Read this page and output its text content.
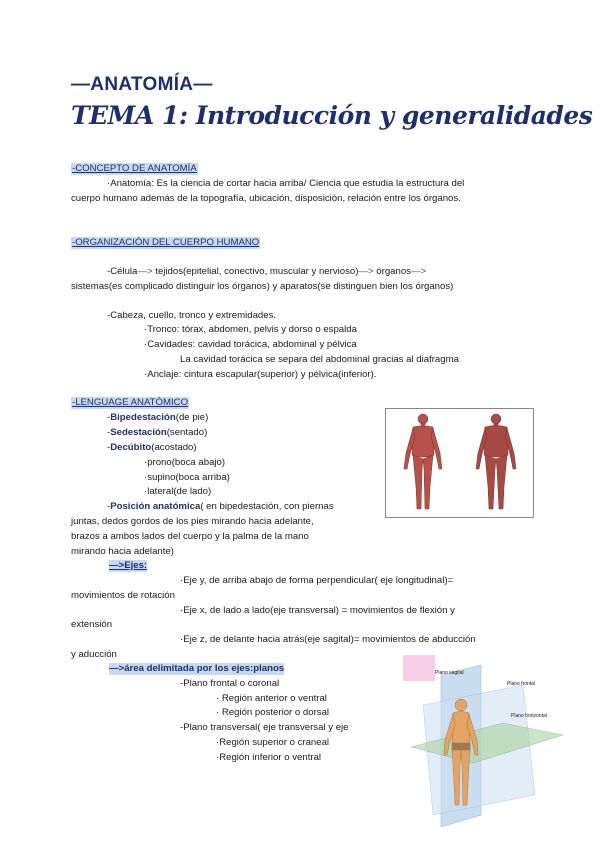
—ANATOMÍA—
TEMA 1: Introducción y generalidades
-CONCEPTO DE ANATOMÍA
·Anatomía: Es la ciencia de cortar hacia arriba/ Ciencia que estudia la estructura del
cuerpo humano además de la topografía, ubicación, disposición, relación entre los órganos.
-ORGANIZACIÓN DEL CUERPO HUMANO
-Célula—> tejidos(epitelial, conectivo, muscular y nervioso)—> órganos—>
sistemas(es complicado distinguir los órganos) y aparatos(se distinguen bien los órganos)
-Cabeza, cuello, tronco y extremidades.
·Tronco: tórax, abdomen, pelvis y dorso o espalda
·Cavidades: cavidad torácica, abdominal y pélvica
La cavidad torácica se separa del abdominal gracias al diafragma
·Anclaje: cintura escapular(superior) y pélvica(inferior).
-LENGUAGE ANATÓMICO
-Bipedestación(de pie)
-Sedestación(sentado)
-Decúbito(acostado)
·prono(boca abajo)
·supino(boca arriba)
·lateral(de lado)
-Posición anatómica( en bipedestación, con piernas
juntas, dedos gordos de los pies mirando hacia adelante,
brazos a ambos lados del cuerpo y la palma de la mano
mirando hacia adelante)
—>Ejes:
·Eje y, de arriba abajo de forma perpendicular( eje longitudinal)=
movimientos de rotación
·Eje x, de lado a lado(eje transversal) = movimientos de flexión y
extensión
·Eje z, de delante hacia atrás(eje sagital)= movimientos de abducción
y aducción
—>área delimitada por los ejes:planos
-Plano frontal o coronal
· Región anterior o ventral
· Región posterior o dorsal
-Plano transversal( eje transversal y eje
·Región superior o craneal
·Región inferior o ventral
Plano sagital
Plano frontal
Plano horizontal
